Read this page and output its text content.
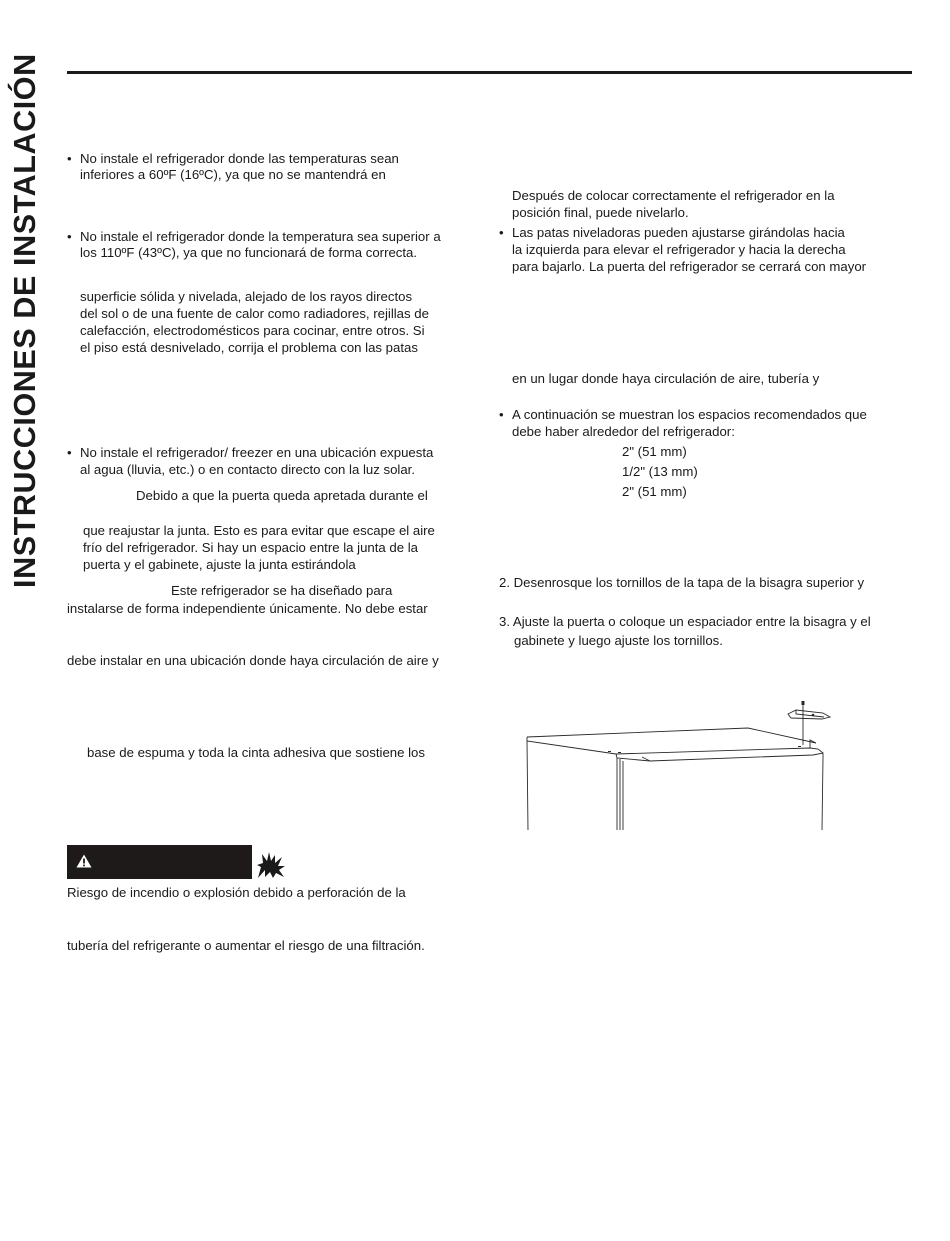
INSTRUCCIONES DE INSTALACIÓN	• No instale el refrigerador donde las temperaturas sean
inferiores a 60ºF (16ºC), ya que no se mantendrá en
• No instale el refrigerador donde la temperatura sea superior a
los 110ºF (43ºC), ya que no funcionará de forma correcta.
superficie sólida y nivelada, alejado de los rayos directos
del sol o de una fuente de calor como radiadores, rejillas de
calefacción, electrodomésticos para cocinar, entre otros. Si
el piso está desnivelado, corrija el problema con las patas
• No instale el refrigerador/ freezer en una ubicación expuesta
al agua (lluvia, etc.) o en contacto directo con la luz solar.
Debido a que la puerta queda apretada durante el
que reajustar la junta. Esto es para evitar que escape el aire
frío del refrigerador. Si hay un espacio entre la junta de la
puerta y el gabinete, ajuste la junta estirándola
Este refrigerador se ha diseñado para
instalarse de forma independiente únicamente. No debe estar
debe instalar en una ubicación donde haya circulación de aire y
base de espuma y toda la cinta adhesiva que sostiene los
Riesgo de incendio o explosión debido a perforación de la
tubería del refrigerante o aumentar el riesgo de una filtración.
Después de colocar correctamente el refrigerador en la
posición final, puede nivelarlo.
• Las patas niveladoras pueden ajustarse girándolas hacia
la izquierda para elevar el refrigerador y hacia la derecha
para bajarlo. La puerta del refrigerador se cerrará con mayor
en un lugar donde haya circulación de aire, tubería y
• A continuación se muestran los espacios recomendados que
debe haber alrededor del refrigerador:
2" (51 mm)
1/2" (13 mm)
2" (51 mm)
2. Desenrosque los tornillos de la tapa de la bisagra superior y
3. Ajuste la puerta o coloque un espaciador entre la bisagra y el
gabinete y luego ajuste los tornillos.
